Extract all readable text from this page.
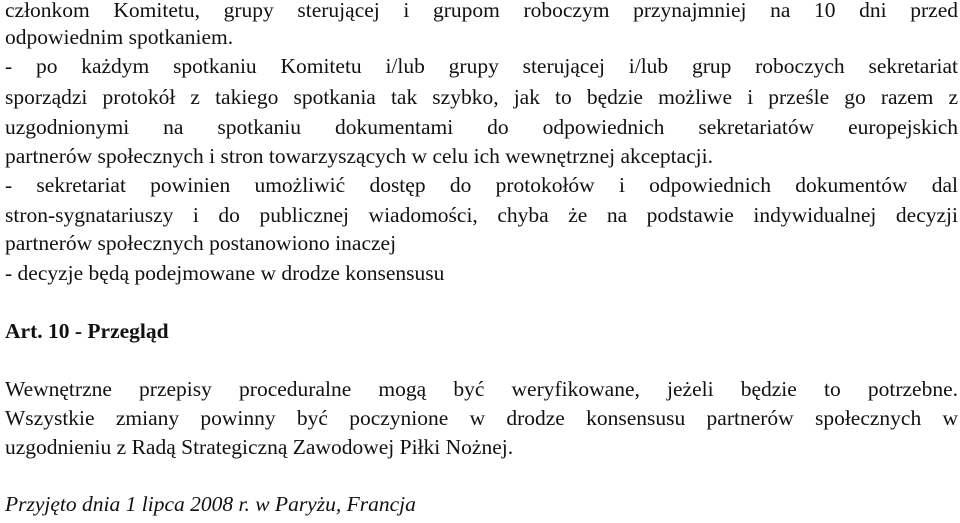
członkom Komitetu, grupy sterującej i grupom roboczym przynajmniej na 10 dni przed
odpowiednim spotkaniem.
- po każdym spotkaniu Komitetu i/lub grupy sterującej i/lub grup roboczych sekretariat
sporządzi protokół z takiego spotkania tak szybko, jak to będzie możliwe i prześle go razem z
uzgodnionymi na spotkaniu dokumentami do odpowiednich sekretariatów europejskich
partnerów społecznych i stron towarzyszących w celu ich wewnętrznej akceptacji.
- sekretariat powinien umożliwić dostęp do protokołów i odpowiednich dokumentów dal
stron-sygnatariuszy i do publicznej wiadomości, chyba że na podstawie indywidualnej decyzji
partnerów społecznych postanowiono inaczej
- decyzje będą podejmowane w drodze konsensusu
Art. 10 - Przegląd
Wewnętrzne przepisy proceduralne mogą być weryfikowane, jeżeli będzie to potrzebne.
Wszystkie zmiany powinny być poczynione w drodze konsensusu partnerów społecznych w
uzgodnieniu z Radą Strategiczną Zawodowej Piłki Nożnej.
Przyjęto dnia 1 lipca 2008 r. w Paryżu, Francja
